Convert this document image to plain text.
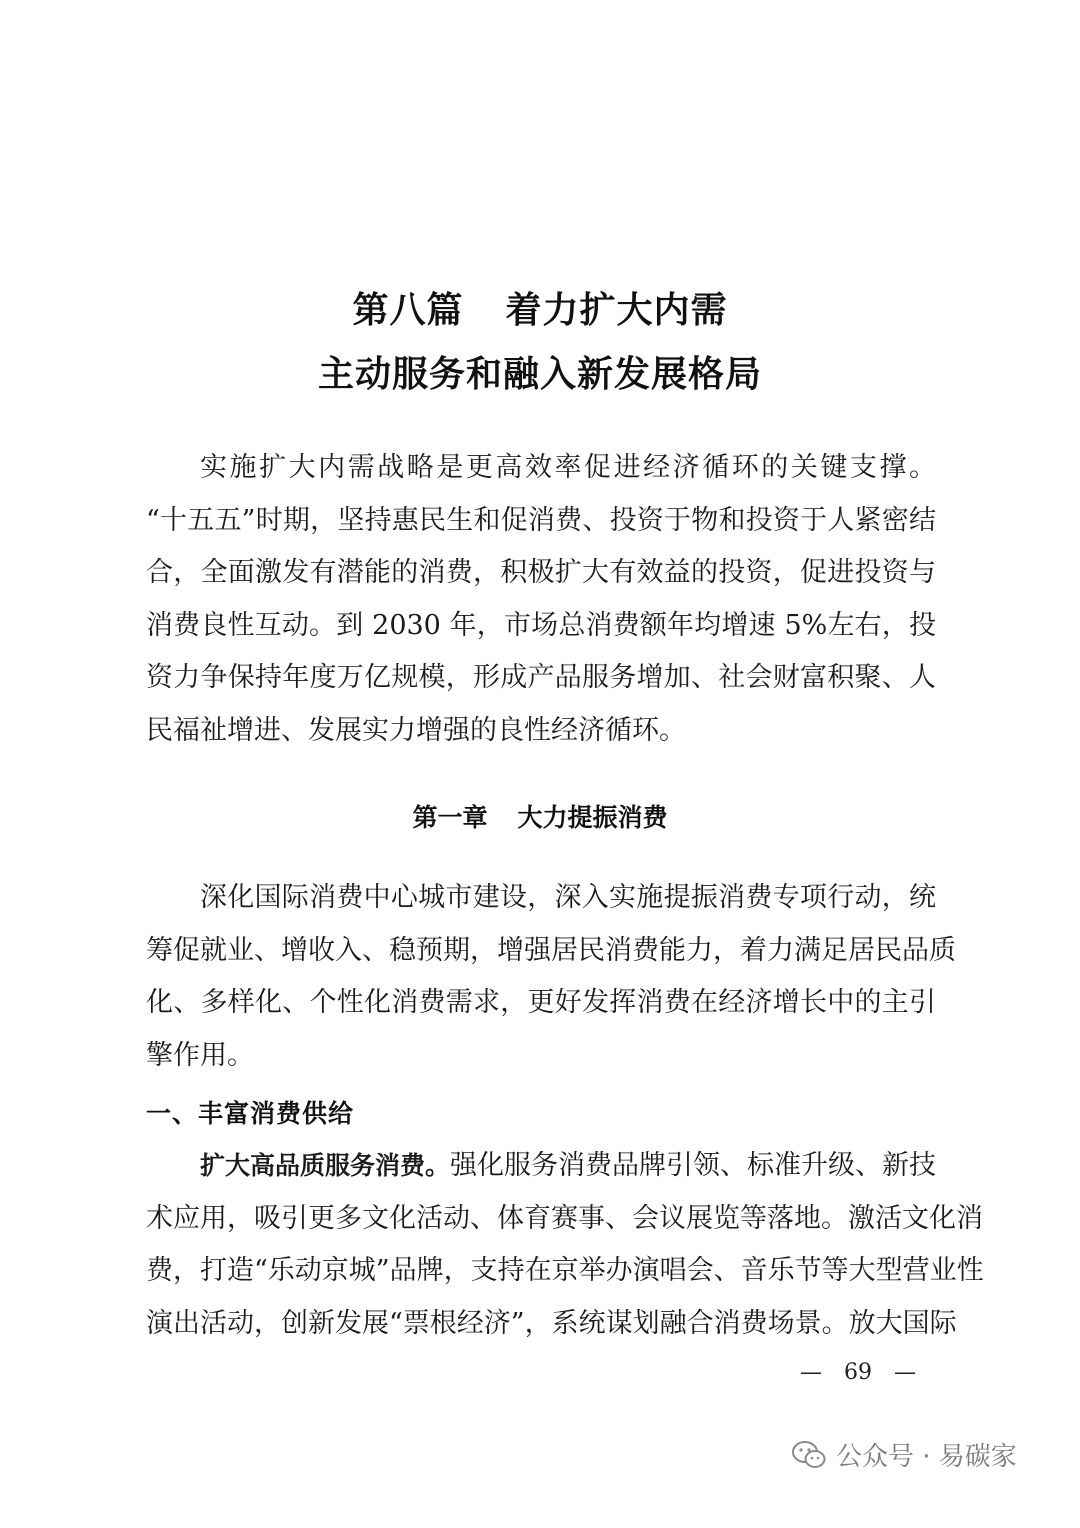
第八篇 着力扩大内需
主动服务和融入新发展格局
实施扩大内需战略是更高效率促进经济循环的关键支撑。
“十五五”时期，坚持惠民生和促消费、投资于物和投资于人紧密结
合，全面激发有潜能的消费，积极扩大有效益的投资，促进投资与
消费良性互动。到 2030 年，市场总消费额年均增速 5%左右，投
资力争保持年度万亿规模，形成产品服务增加、社会财富积聚、人
民福祉增进、发展实力增强的良性经济循环。
第一章 大力提振消费
深化国际消费中心城市建设，深入实施提振消费专项行动，统
筹促就业、增收入、稳预期，增强居民消费能力，着力满足居民品质
化、多样化、个性化消费需求，更好发挥消费在经济增长中的主引
擎作用。
一、丰富消费供给
扩大高品质服务消费。强化服务消费品牌引领、标准升级、新技
术应用，吸引更多文化活动、体育赛事、会议展览等落地。激活文化消
费，打造“乐动京城”品牌，支持在京举办演唱会、音乐节等大型营业性
演出活动，创新发展“票根经济”，系统谋划融合消费场景。放大国际
— 69 —
公众号 · 易碳家
